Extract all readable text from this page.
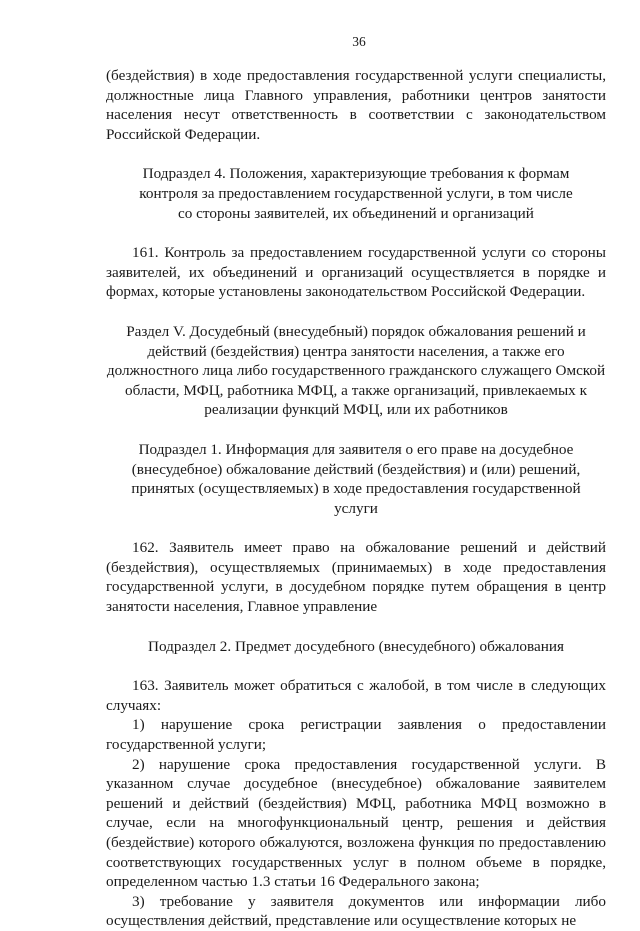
36

(бездействия) в ходе предоставления государственной услуги специалисты, должностные лица Главного управления, работники центров занятости населения несут ответственность в соответствии с законодательством Российской Федерации.

Подраздел 4. Положения, характеризующие требования к формам контроля за предоставлением государственной услуги, в том числе со стороны заявителей, их объединений и организаций

161. Контроль за предоставлением государственной услуги со стороны заявителей, их объединений и организаций осуществляется в порядке и формах, которые установлены законодательством Российской Федерации.

Раздел V. Досудебный (внесудебный) порядок обжалования решений и действий (бездействия) центра занятости населения, а также его должностного лица либо государственного гражданского служащего Омской области, МФЦ, работника МФЦ, а также организаций, привлекаемых к реализации функций МФЦ, или их работников

Подраздел 1. Информация для заявителя о его праве на досудебное (внесудебное) обжалование действий (бездействия) и (или) решений, принятых (осуществляемых) в ходе предоставления государственной услуги

162. Заявитель имеет право на обжалование решений и действий (бездействия), осуществляемых (принимаемых) в ходе предоставления государственной услуги, в досудебном порядке путем обращения в центр занятости населения, Главное управление

Подраздел 2. Предмет досудебного (внесудебного) обжалования

163. Заявитель может обратиться с жалобой, в том числе в следующих случаях:

1) нарушение срока регистрации заявления о предоставлении государственной услуги;

2) нарушение срока предоставления государственной услуги. В указанном случае досудебное (внесудебное) обжалование заявителем решений и действий (бездействия) МФЦ, работника МФЦ возможно в случае, если на многофункциональный центр, решения и действия (бездействие) которого обжалуются, возложена функция по предоставлению соответствующих государственных услуг в полном объеме в порядке, определенном частью 1.3 статьи 16 Федерального закона;

3) требование у заявителя документов или информации либо осуществления действий, представление или осуществление которых не
